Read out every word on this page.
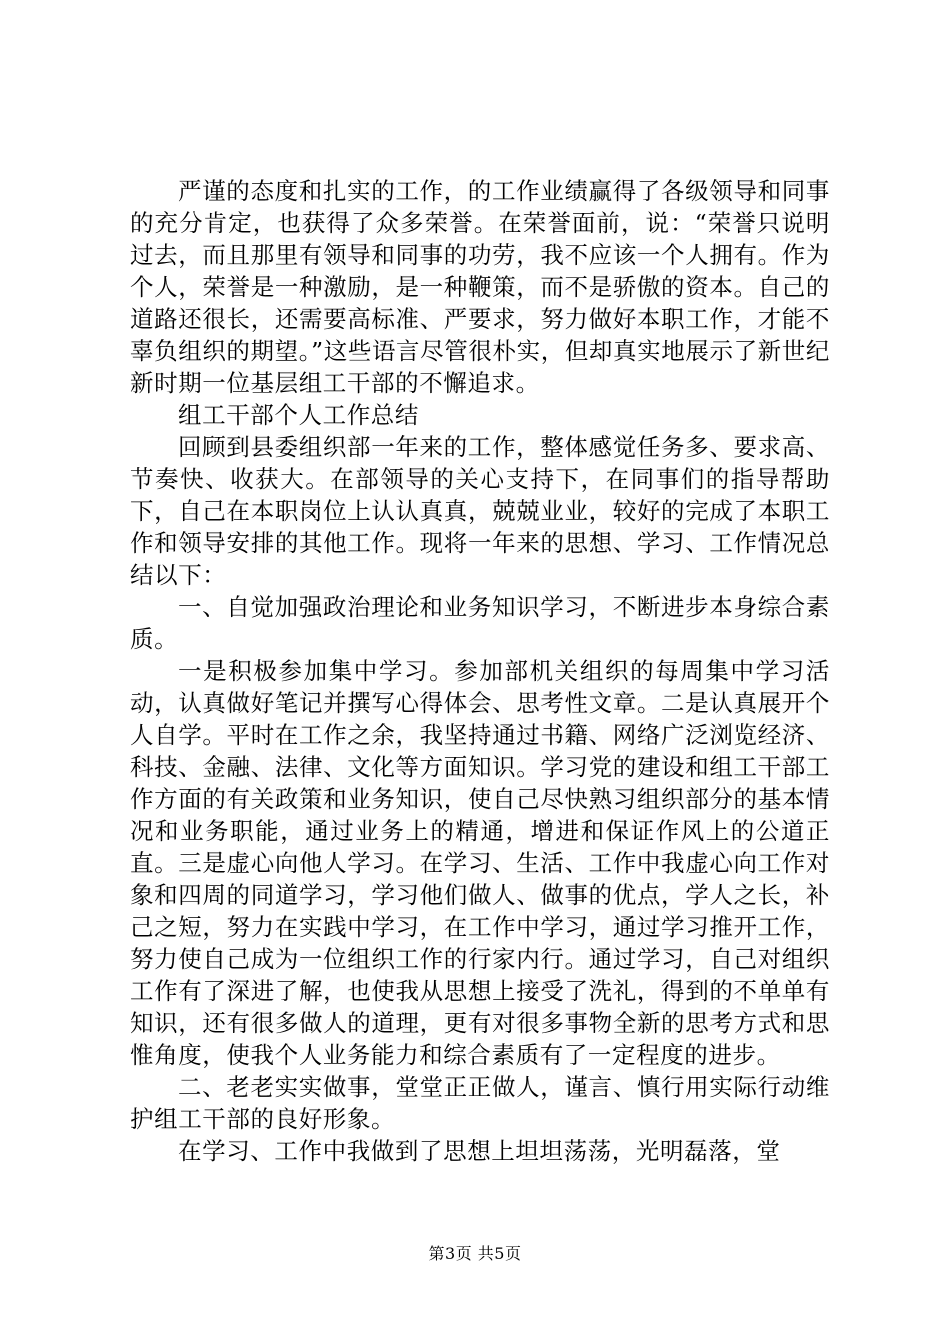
严谨的态度和扎实的工作，的工作业绩赢得了各级领导和同事的充分肯定，也获得了众多荣誉。在荣誉面前，说：“荣誉只说明过去，而且那里有领导和同事的功劳，我不应该一个人拥有。作为个人，荣誉是一种激励，是一种鞭策，而不是骄傲的资本。自己的道路还很长，还需要高标准、严要求，努力做好本职工作，才能不辜负组织的期望。”这些语言尽管很朴实，但却真实地展示了新世纪新时期一位基层组工干部的不懈追求。

组工干部个人工作总结

回顾到县委组织部一年来的工作，整体感觉任务多、要求高、节奏快、收获大。在部领导的关心支持下，在同事们的指导帮助下，自己在本职岗位上认认真真，兢兢业业，较好的完成了本职工作和领导安排的其他工作。现将一年来的思想、学习、工作情况总结以下：

一、自觉加强政治理论和业务知识学习，不断进步本身综合素质。

一是积极参加集中学习。参加部机关组织的每周集中学习活动，认真做好笔记并撰写心得体会、思考性文章。二是认真展开个人自学。平时在工作之余，我坚持通过书籍、网络广泛浏览经济、科技、金融、法律、文化等方面知识。学习党的建设和组工干部工作方面的有关政策和业务知识，使自己尽快熟习组织部分的基本情况和业务职能，通过业务上的精通，增进和保证作风上的公道正直。三是虚心向他人学习。在学习、生活、工作中我虚心向工作对象和四周的同道学习，学习他们做人、做事的优点，学人之长，补己之短，努力在实践中学习，在工作中学习，通过学习推开工作，努力使自己成为一位组织工作的行家内行。通过学习，自己对组织工作有了深进了解，也使我从思想上接受了洗礼，得到的不单单有知识，还有很多做人的道理，更有对很多事物全新的思考方式和思惟角度，使我个人业务能力和综合素质有了一定程度的进步。

二、老老实实做事，堂堂正正做人，谨言、慎行用实际行动维护组工干部的良好形象。

在学习、工作中我做到了思想上坦坦荡荡，光明磊落，堂

第3页 共5页
